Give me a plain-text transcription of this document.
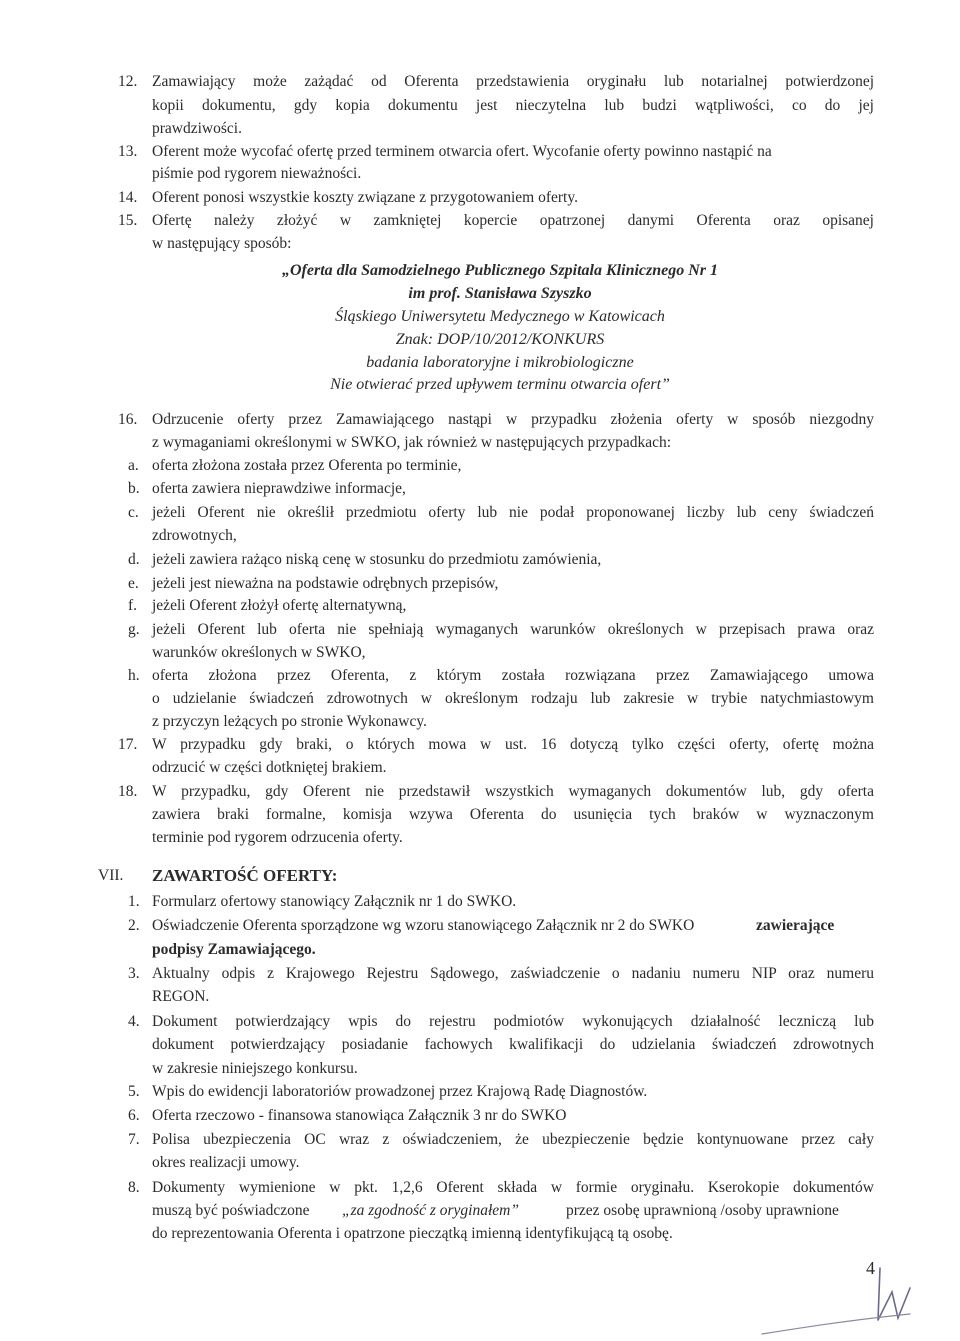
12. Zamawiający może zażądać od Oferenta przedstawienia oryginału lub notarialnej potwierdzonej
kopii dokumentu, gdy kopia dokumentu jest nieczytelna lub budzi wątpliwości, co do jej
prawdziwości.
13. Oferent może wycofać ofertę przed terminem otwarcia ofert. Wycofanie oferty powinno nastąpić na
piśmie pod rygorem nieważności.
14. Oferent ponosi wszystkie koszty związane z przygotowaniem oferty.
15. Ofertę należy złożyć w zamkniętej kopercie opatrzonej danymi Oferenta oraz opisanej
w następujący sposób:
„Oferta dla Samodzielnego Publicznego Szpitala Klinicznego Nr 1
im prof. Stanisława Szyszko
Śląskiego Uniwersytetu Medycznego w Katowicach
Znak: DOP/10/2012/KONKURS
badania laboratoryjne i mikrobiologiczne
Nie otwierać przed upływem terminu otwarcia ofert”
16. Odrzucenie oferty przez Zamawiającego nastąpi w przypadku złożenia oferty w sposób niezgodny
z wymaganiami określonymi w SWKO, jak również w następujących przypadkach:
a. oferta złożona została przez Oferenta po terminie,
b. oferta zawiera nieprawdziwe informacje,
c. jeżeli Oferent nie określił przedmiotu oferty lub nie podał proponowanej liczby lub ceny świadczeń
zdrowotnych,
d. jeżeli zawiera rażąco niską cenę w stosunku do przedmiotu zamówienia,
e. jeżeli jest nieważna na podstawie odrębnych przepisów,
f. jeżeli Oferent złożył ofertę alternatywną,
g. jeżeli Oferent lub oferta nie spełniają wymaganych warunków określonych w przepisach prawa oraz
warunków określonych w SWKO,
h. oferta złożona przez Oferenta, z którym została rozwiązana przez Zamawiającego umowa
o udzielanie świadczeń zdrowotnych w określonym rodzaju lub zakresie w trybie natychmiastowym
z przyczyn leżących po stronie Wykonawcy.
17. W przypadku gdy braki, o których mowa w ust. 16 dotyczą tylko części oferty, ofertę można
odrzucić w części dotkniętej brakiem.
18. W przypadku, gdy Oferent nie przedstawił wszystkich wymaganych dokumentów lub, gdy oferta
zawiera braki formalne, komisja wzywa Oferenta do usunięcia tych braków w wyznaczonym
terminie pod rygorem odrzucenia oferty.
VII. ZAWARTOŚĆ OFERTY:
1. Formularz ofertowy stanowiący Załącznik nr 1 do SWKO.
2. Oświadczenie Oferenta sporządzone wg wzoru stanowiącego Załącznik nr 2 do SWKO	zawierające
podpisy Zamawiającego.
3. Aktualny odpis z Krajowego Rejestru Sądowego, zaświadczenie o nadaniu numeru NIP oraz numeru
REGON.
4. Dokument potwierdzający wpis do rejestru podmiotów wykonujących działalność leczniczą lub
dokument potwierdzający posiadanie fachowych kwalifikacji do udzielania świadczeń zdrowotnych
w zakresie niniejszego konkursu.
5. Wpis do ewidencji laboratoriów prowadzonej przez Krajową Radę Diagnostów.
6. Oferta rzeczowo - finansowa stanowiąca Załącznik 3 nr do SWKO
7. Polisa ubezpieczenia OC wraz z oświadczeniem, że ubezpieczenie będzie kontynuowane przez cały
okres realizacji umowy.
8. Dokumenty wymienione w pkt. 1,2,6 Oferent składa w formie oryginału. Kserokopie dokumentów
muszą być poświadczone „za zgodność z oryginałem”	przez osobę uprawnioną /osoby uprawnione
do reprezentowania Oferenta i opatrzone pieczątką imienną identyfikującą tą osobę.
4
